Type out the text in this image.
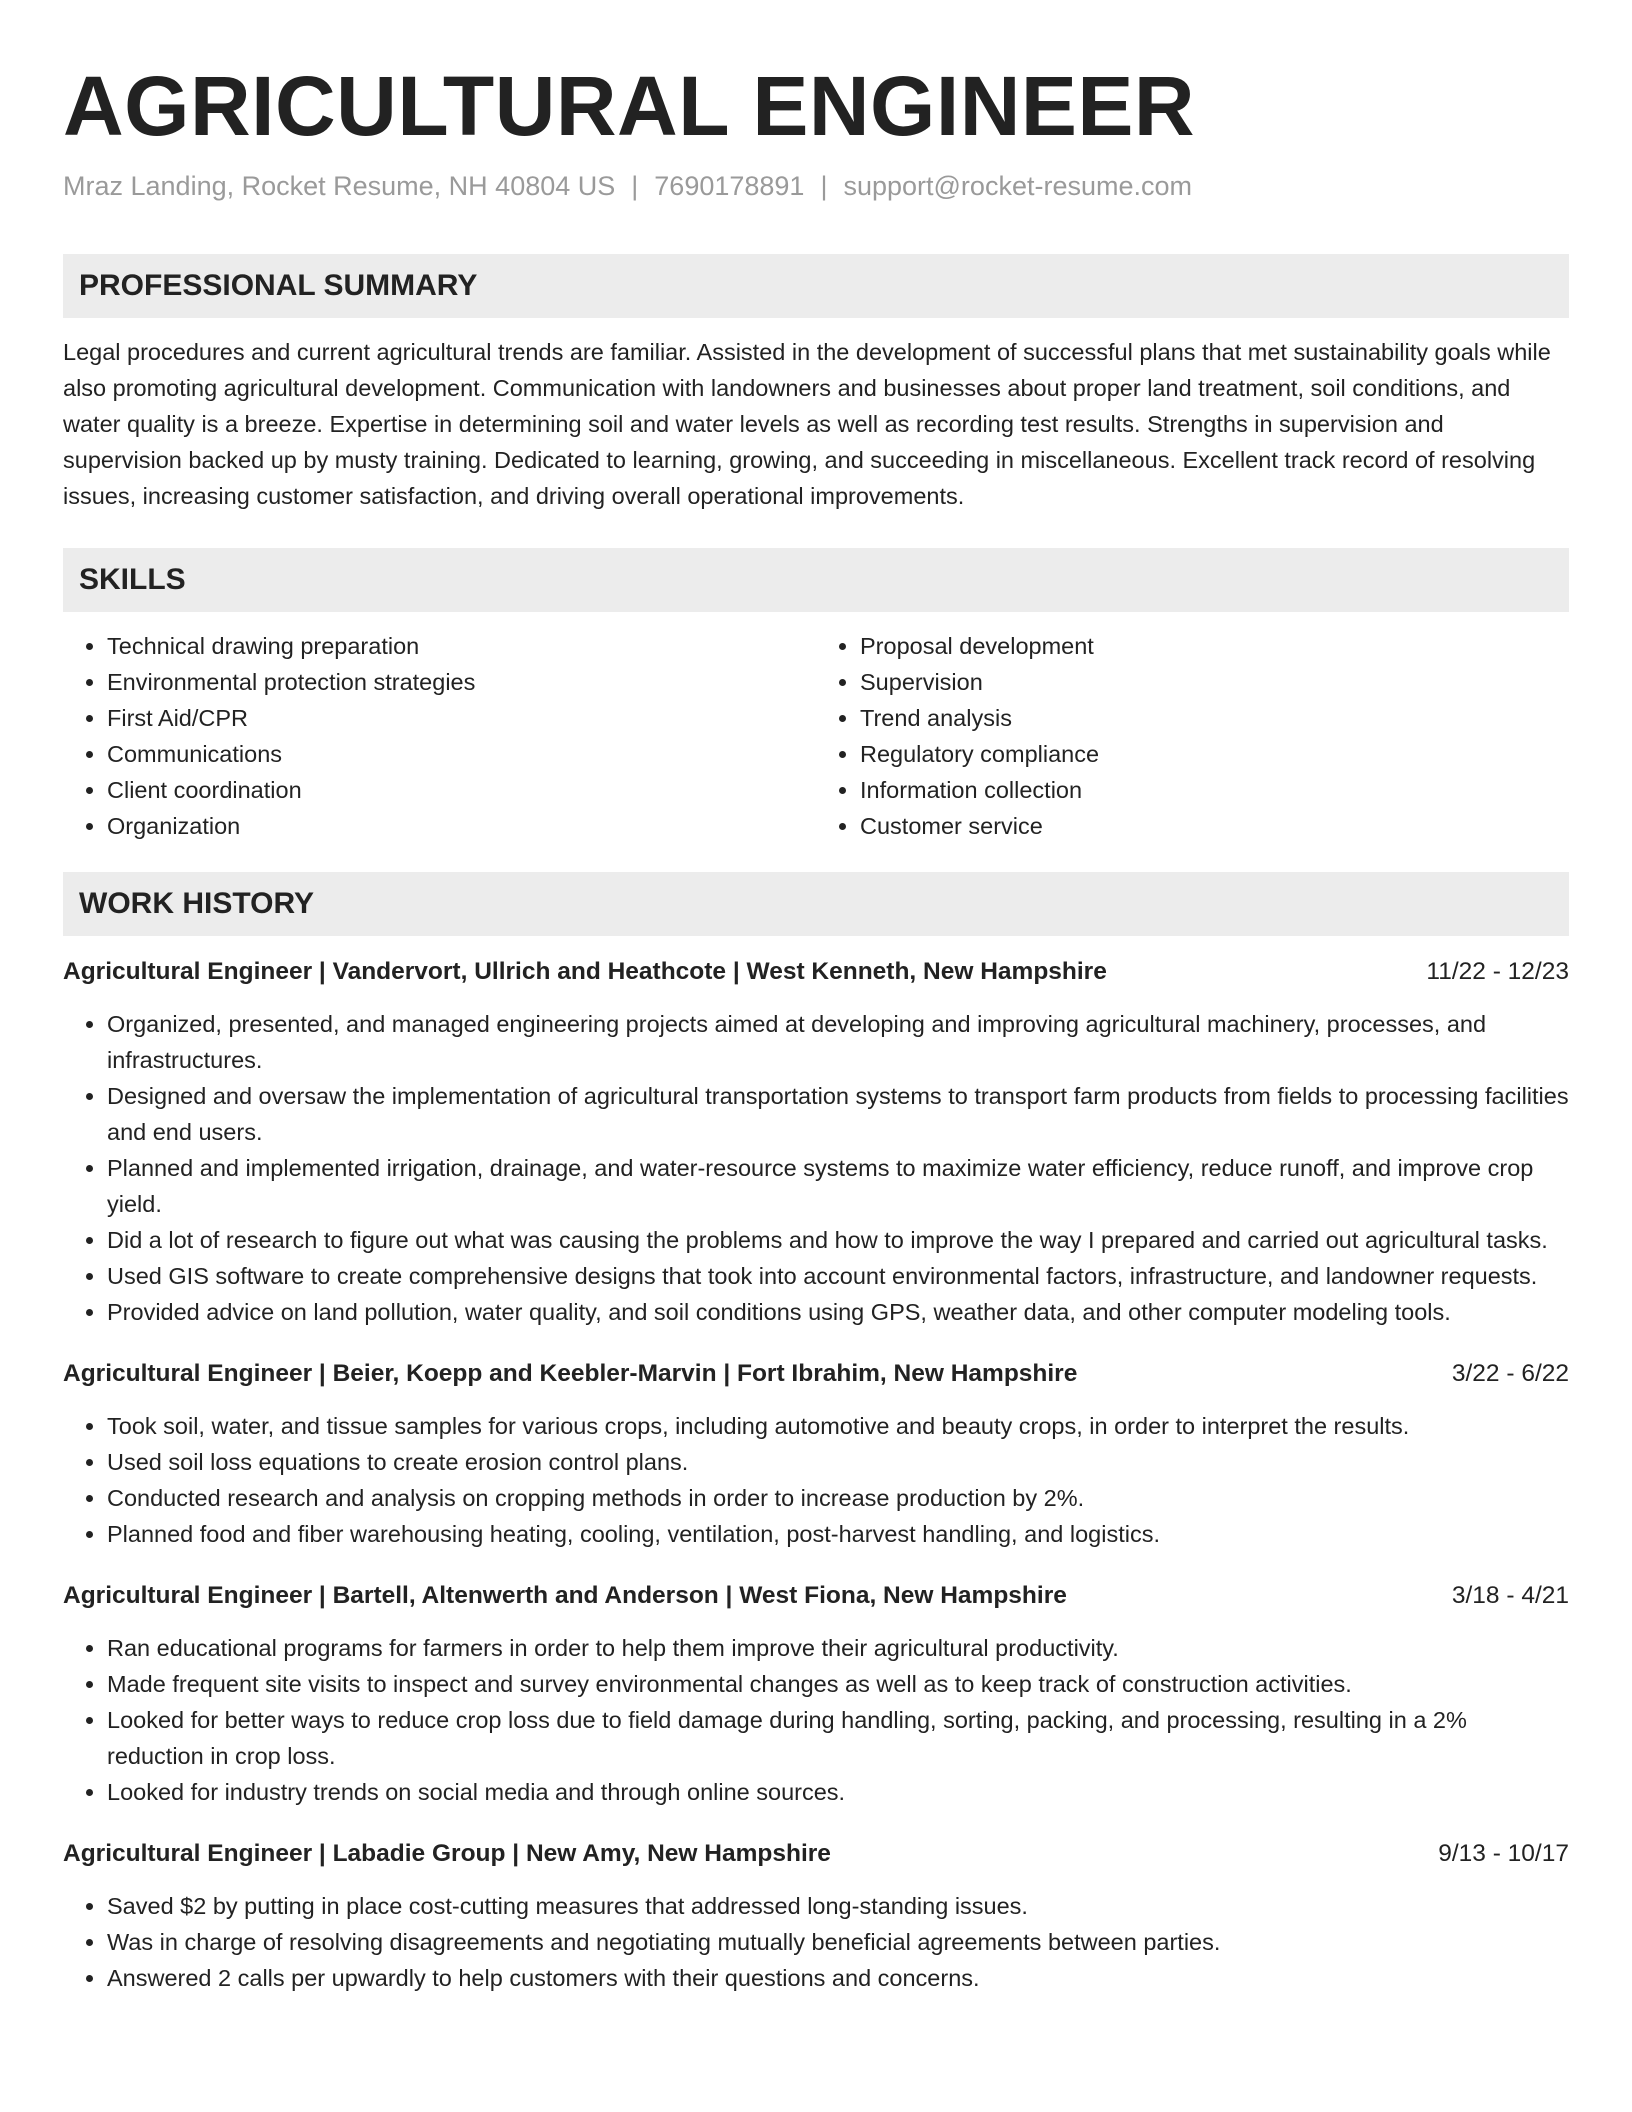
AGRICULTURAL ENGINEER
Mraz Landing, Rocket Resume, NH 40804 US | 7690178891 | support@rocket-resume.com
PROFESSIONAL SUMMARY
Legal procedures and current agricultural trends are familiar. Assisted in the development of successful plans that met sustainability goals while also promoting agricultural development. Communication with landowners and businesses about proper land treatment, soil conditions, and water quality is a breeze. Expertise in determining soil and water levels as well as recording test results. Strengths in supervision and supervision backed up by musty training. Dedicated to learning, growing, and succeeding in miscellaneous. Excellent track record of resolving issues, increasing customer satisfaction, and driving overall operational improvements.
SKILLS
• Technical drawing preparation
• Environmental protection strategies
• First Aid/CPR
• Communications
• Client coordination
• Organization
• Proposal development
• Supervision
• Trend analysis
• Regulatory compliance
• Information collection
• Customer service
WORK HISTORY
Agricultural Engineer | Vandervort, Ullrich and Heathcote | West Kenneth, New Hampshire	11/22 - 12/23
• Organized, presented, and managed engineering projects aimed at developing and improving agricultural machinery, processes, and infrastructures.
• Designed and oversaw the implementation of agricultural transportation systems to transport farm products from fields to processing facilities and end users.
• Planned and implemented irrigation, drainage, and water-resource systems to maximize water efficiency, reduce runoff, and improve crop yield.
• Did a lot of research to figure out what was causing the problems and how to improve the way I prepared and carried out agricultural tasks.
• Used GIS software to create comprehensive designs that took into account environmental factors, infrastructure, and landowner requests.
• Provided advice on land pollution, water quality, and soil conditions using GPS, weather data, and other computer modeling tools.
Agricultural Engineer | Beier, Koepp and Keebler-Marvin | Fort Ibrahim, New Hampshire	3/22 - 6/22
• Took soil, water, and tissue samples for various crops, including automotive and beauty crops, in order to interpret the results.
• Used soil loss equations to create erosion control plans.
• Conducted research and analysis on cropping methods in order to increase production by 2%.
• Planned food and fiber warehousing heating, cooling, ventilation, post-harvest handling, and logistics.
Agricultural Engineer | Bartell, Altenwerth and Anderson | West Fiona, New Hampshire	3/18 - 4/21
• Ran educational programs for farmers in order to help them improve their agricultural productivity.
• Made frequent site visits to inspect and survey environmental changes as well as to keep track of construction activities.
• Looked for better ways to reduce crop loss due to field damage during handling, sorting, packing, and processing, resulting in a 2% reduction in crop loss.
• Looked for industry trends on social media and through online sources.
Agricultural Engineer | Labadie Group | New Amy, New Hampshire	9/13 - 10/17
• Saved $2 by putting in place cost-cutting measures that addressed long-standing issues.
• Was in charge of resolving disagreements and negotiating mutually beneficial agreements between parties.
• Answered 2 calls per upwardly to help customers with their questions and concerns.
